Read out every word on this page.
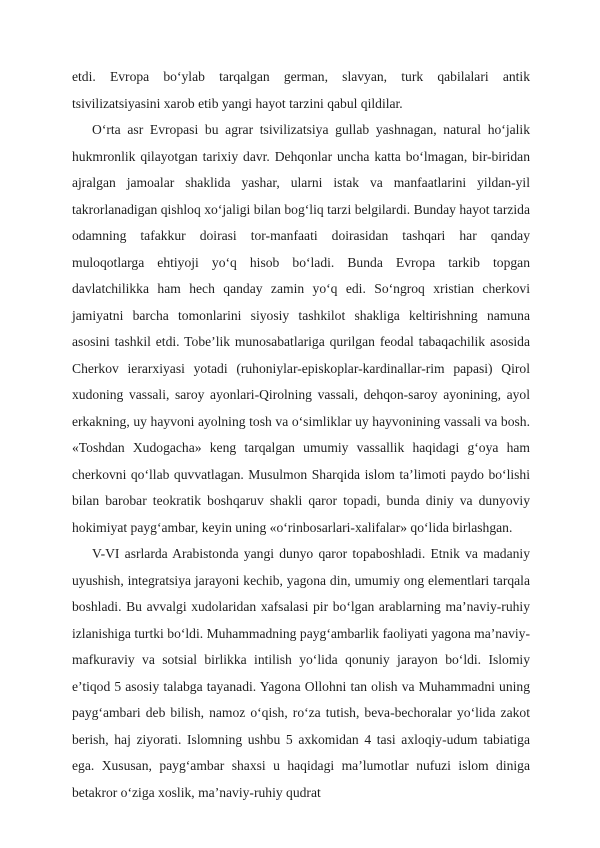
etdi. Evropa bo‘ylab tarqalgan german, slavyan, turk qabilalari antik tsivilizatsiyasini xarob etib yangi hayot tarzini qabul qildilar.

O‘rta asr Evropasi bu agrar tsivilizatsiya gullab yashnagan, natural ho‘jalik hukmronlik qilayotgan tarixiy davr. Dehqonlar uncha katta bo‘lmagan, bir-biridan ajralgan jamoalar shaklida yashar, ularni istak va manfaatlarini yildan-yil takrorlanadigan qishloq xo‘jaligi bilan bog‘liq tarzi belgilardi. Bunday hayot tarzida odamning tafakkur doirasi tor-manfaati doirasidan tashqari har qanday muloqotlarga ehtiyoji yo‘q hisob bo‘ladi. Bunda Evropa tarkib topgan davlatchilikka ham hech qanday zamin yo‘q edi. So‘ngroq xristian cherkovi jamiyatni barcha tomonlarini siyosiy tashkilot shakliga keltirishning namuna asosini tashkil etdi. Tobe’lik munosabatlariga qurilgan feodal tabaqachilik asosida Cherkov ierarxiyasi yotadi (ruhoniylar-episkoplar-kardinallar-rim papasi) Qirol xudoning vassali, saroy ayonlari-Qirolning vassali, dehqon-saroy ayonining, ayol erkakning, uy hayvoni ayolning tosh va o‘simliklar uy hayvonining vassali va bosh. «Toshdan Xudogacha» keng tarqalgan umumiy vassallik haqidagi g‘oya ham cherkovni qo‘llab quvvatlagan. Musulmon Sharqida islom ta’limoti paydo bo‘lishi bilan barobar teokratik boshqaruv shakli qaror topadi, bunda diniy va dunyoviy hokimiyat payg‘ambar, keyin uning «o‘rinbosarlari-xalifalar» qo‘lida birlashgan.

V-VI asrlarda Arabistonda yangi dunyo qaror topaboshladi. Etnik va madaniy uyushish, integratsiya jarayoni kechib, yagona din, umumiy ong elementlari tarqala boshladi. Bu avvalgi xudolaridan xafsalasi pir bo‘lgan arablarning ma’naviy-ruhiy izlanishiga turtki bo‘ldi. Muhammadning payg‘ambarlik faoliyati yagona ma’naviy-mafkuraviy va sotsial birlikka intilish yo‘lida qonuniy jarayon bo‘ldi. Islomiy e’tiqod 5 asosiy talabga tayanadi. Yagona Ollohni tan olish va Muhammadni uning payg‘ambari deb bilish, namoz o‘qish, ro‘za tutish, beva-bechoralar yo‘lida zakot berish, haj ziyorati. Islomning ushbu 5 axkomidan 4 tasi axloqiy-udum tabiatiga ega. Xususan, payg‘ambar shaxsi u haqidagi ma’lumotlar nufuzi islom diniga betakror o‘ziga xoslik, ma’naviy-ruhiy qudrat
